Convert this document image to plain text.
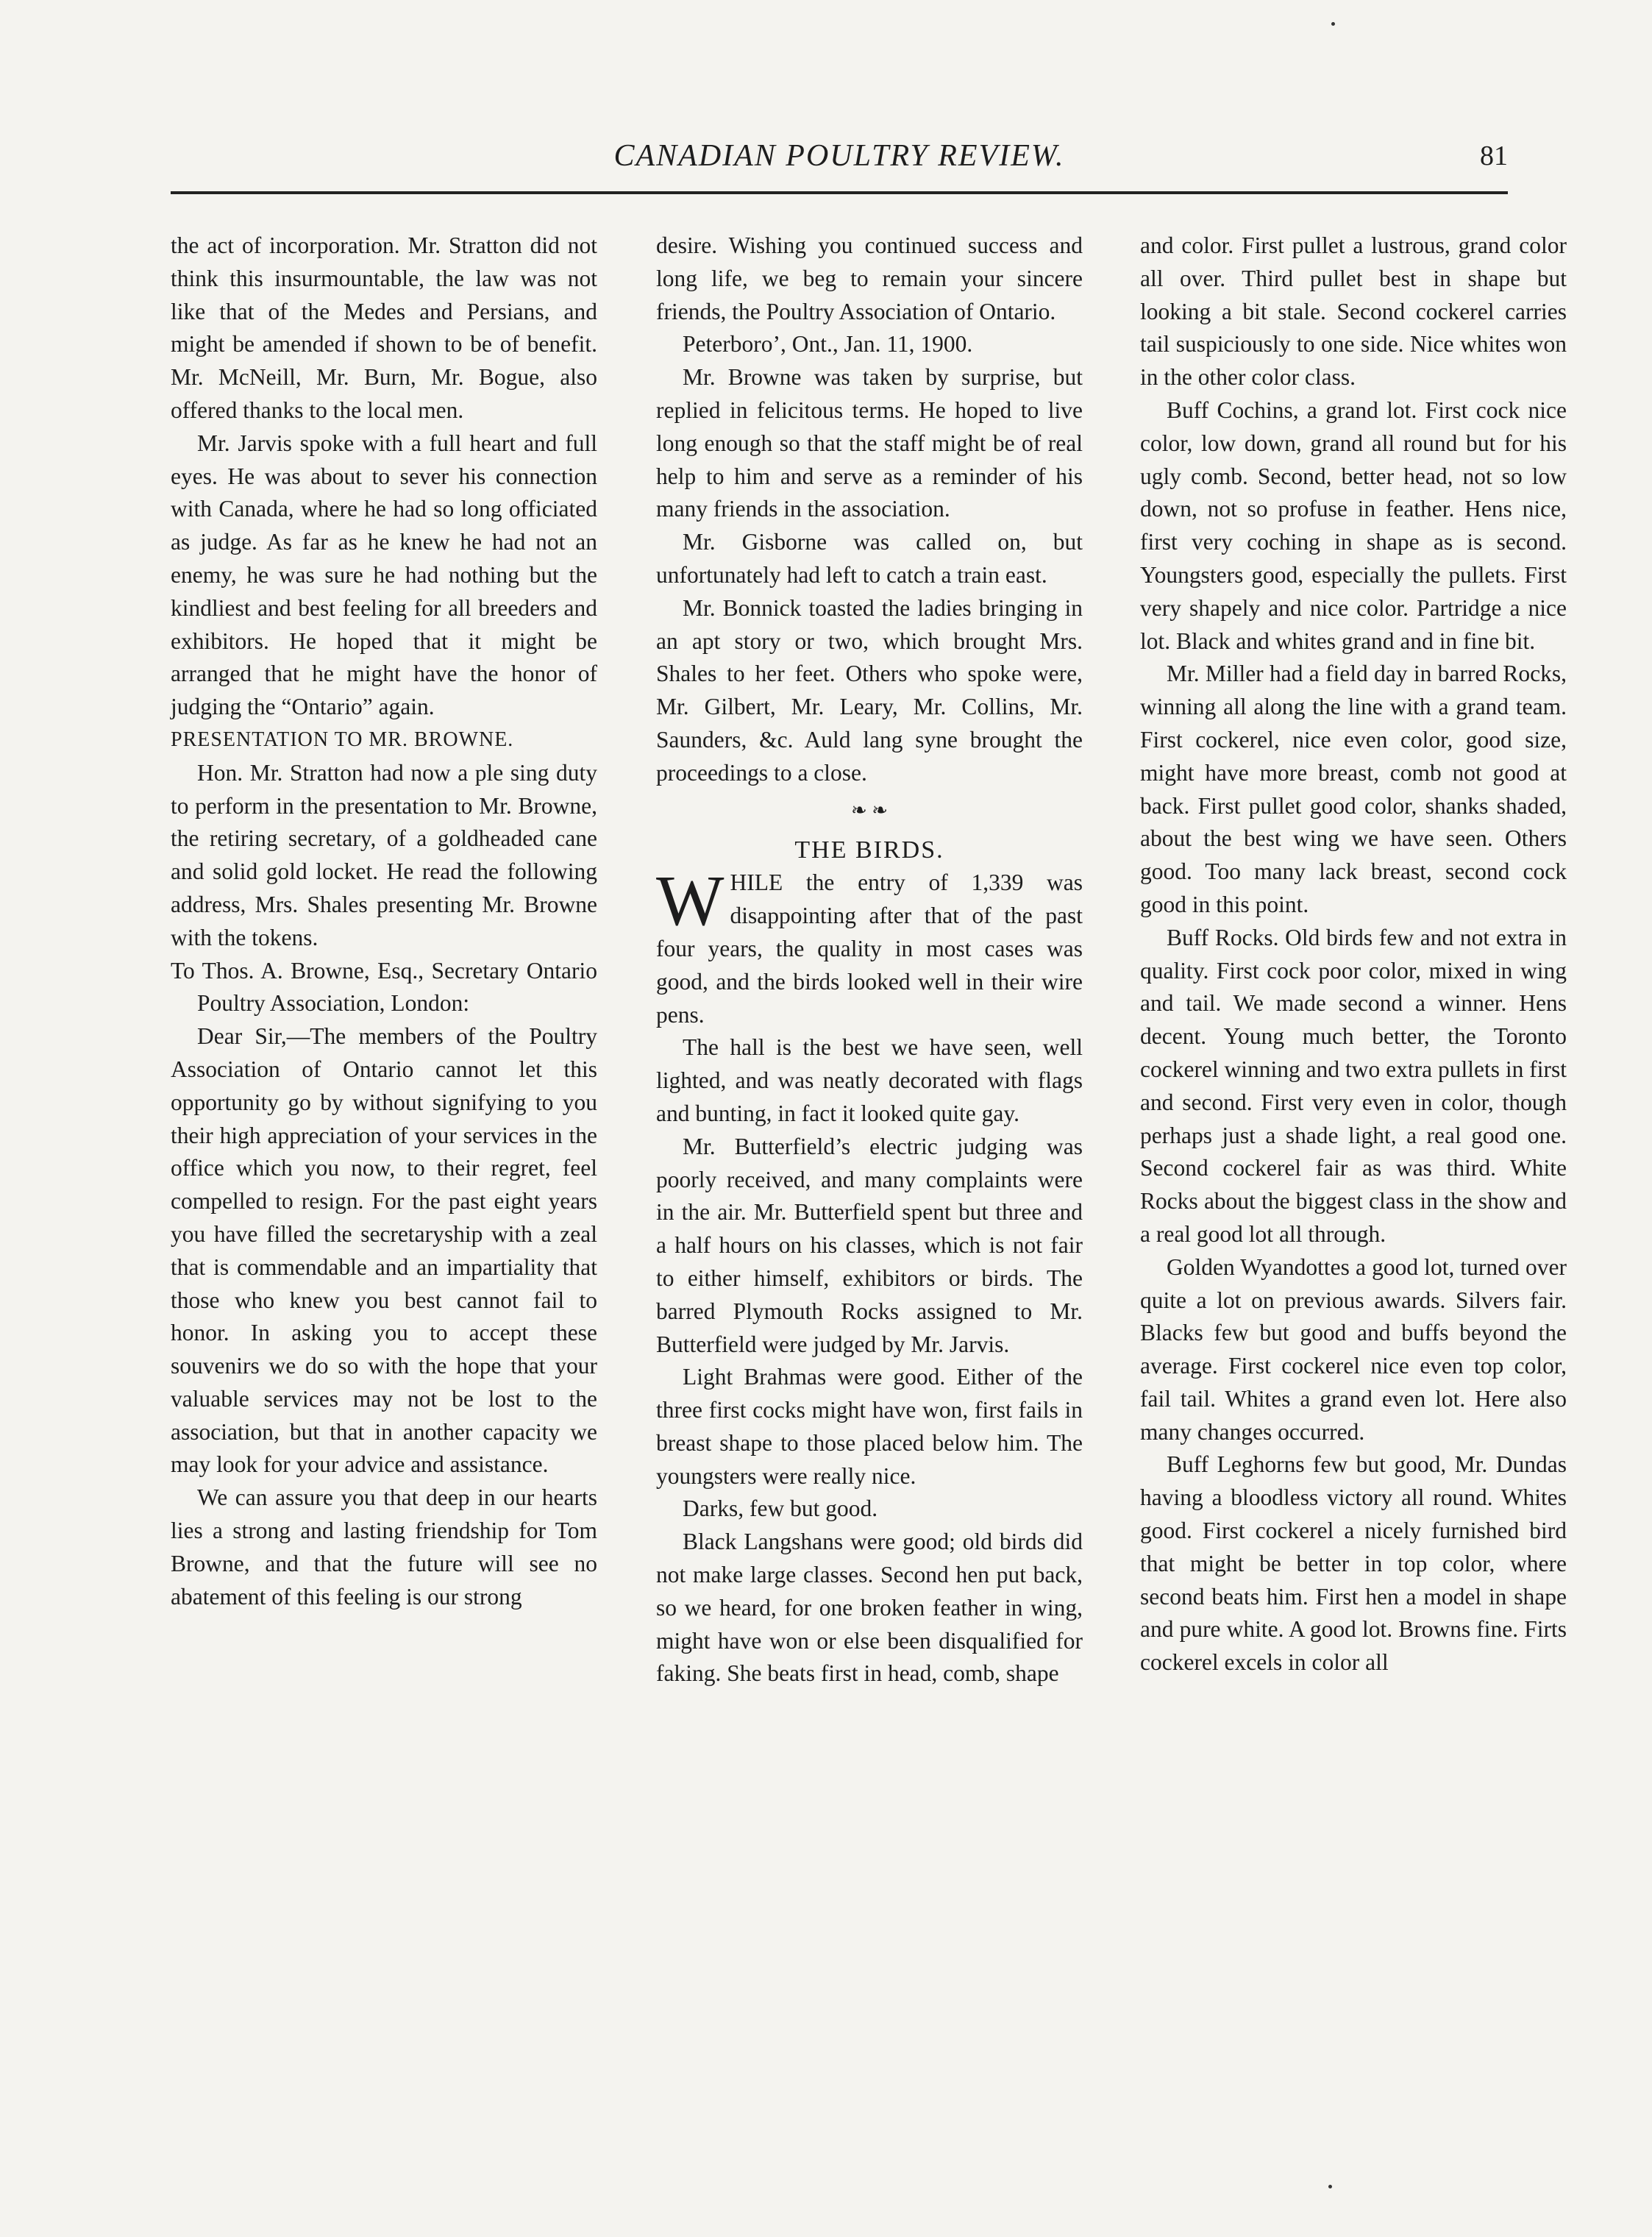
CANADIAN POULTRY REVIEW.	81

the act of incorporation. Mr. Stratton did not think this insurmountable, the law was not like that of the Medes and Persians, and might be amended if shown to be of benefit. Mr. McNeill, Mr. Burn, Mr. Bogue, also offered thanks to the local men.

Mr. Jarvis spoke with a full heart and full eyes. He was about to sever his connection with Canada, where he had so long officiated as judge. As far as he knew he had not an enemy, he was sure he had nothing but the kindliest and best feeling for all breeders and exhibitors. He hoped that it might be arranged that he might have the honor of judging the “Ontario” again.

PRESENTATION TO MR. BROWNE.

Hon. Mr. Stratton had now a ple sing duty to perform in the presentation to Mr. Browne, the retiring secretary, of a goldheaded cane and solid gold locket. He read the following address, Mrs. Shales presenting Mr. Browne with the tokens.

To Thos. A. Browne, Esq., Secretary Ontario Poultry Association, London:

Dear Sir,—The members of the Poultry Association of Ontario cannot let this opportunity go by without signifying to you their high appreciation of your services in the office which you now, to their regret, feel compelled to resign. For the past eight years you have filled the secretaryship with a zeal that is commendable and an impartiality that those who knew you best cannot fail to honor. In asking you to accept these souvenirs we do so with the hope that your valuable services may not be lost to the association, but that in another capacity we may look for your advice and assistance.

We can assure you that deep in our hearts lies a strong and lasting friendship for Tom Browne, and that the future will see no abatement of this feeling is our strong

desire. Wishing you continued success and long life, we beg to remain your sincere friends, the Poultry Association of Ontario.

Peterboro’, Ont., Jan. 11, 1900.

Mr. Browne was taken by surprise, but replied in felicitous terms. He hoped to live long enough so that the staff might be of real help to him and serve as a reminder of his many friends in the association.

Mr. Gisborne was called on, but unfortunately had left to catch a train east.

Mr. Bonnick toasted the ladies bringing in an apt story or two, which brought Mrs. Shales to her feet. Others who spoke were, Mr. Gilbert, Mr. Leary, Mr. Collins, Mr. Saunders, &c. Auld lang syne brought the proceedings to a close.

❧ ❧

THE BIRDS.

WHILE the entry of 1,339 was disappointing after that of the past four years, the quality in most cases was good, and the birds looked well in their wire pens.

The hall is the best we have seen, well lighted, and was neatly decorated with flags and bunting, in fact it looked quite gay.

Mr. Butterfield’s electric judging was poorly received, and many complaints were in the air. Mr. Butterfield spent but three and a half hours on his classes, which is not fair to either himself, exhibitors or birds. The barred Plymouth Rocks assigned to Mr. Butterfield were judged by Mr. Jarvis.

Light Brahmas were good. Either of the three first cocks might have won, first fails in breast shape to those placed below him. The youngsters were really nice.

Darks, few but good.

Black Langshans were good; old birds did not make large classes. Second hen put back, so we heard, for one broken feather in wing, might have won or else been disqualified for faking. She beats first in head, comb, shape

and color. First pullet a lustrous, grand color all over. Third pullet best in shape but looking a bit stale. Second cockerel carries tail suspiciously to one side. Nice whites won in the other color class.

Buff Cochins, a grand lot. First cock nice color, low down, grand all round but for his ugly comb. Second, better head, not so low down, not so profuse in feather. Hens nice, first very coching in shape as is second. Youngsters good, especially the pullets. First very shapely and nice color. Partridge a nice lot. Black and whites grand and in fine bit.

Mr. Miller had a field day in barred Rocks, winning all along the line with a grand team. First cockerel, nice even color, good size, might have more breast, comb not good at back. First pullet good color, shanks shaded, about the best wing we have seen. Others good. Too many lack breast, second cock good in this point.

Buff Rocks. Old birds few and not extra in quality. First cock poor color, mixed in wing and tail. We made second a winner. Hens decent. Young much better, the Toronto cockerel winning and two extra pullets in first and second. First very even in color, though perhaps just a shade light, a real good one. Second cockerel fair as was third. White Rocks about the biggest class in the show and a real good lot all through.

Golden Wyandottes a good lot, turned over quite a lot on previous awards. Silvers fair. Blacks few but good and buffs beyond the average. First cockerel nice even top color, fail tail. Whites a grand even lot. Here also many changes occurred.

Buff Leghorns few but good, Mr. Dundas having a bloodless victory all round. Whites good. First cockerel a nicely furnished bird that might be better in top color, where second beats him. First hen a model in shape and pure white. A good lot. Browns fine. Firts cockerel excels in color all
